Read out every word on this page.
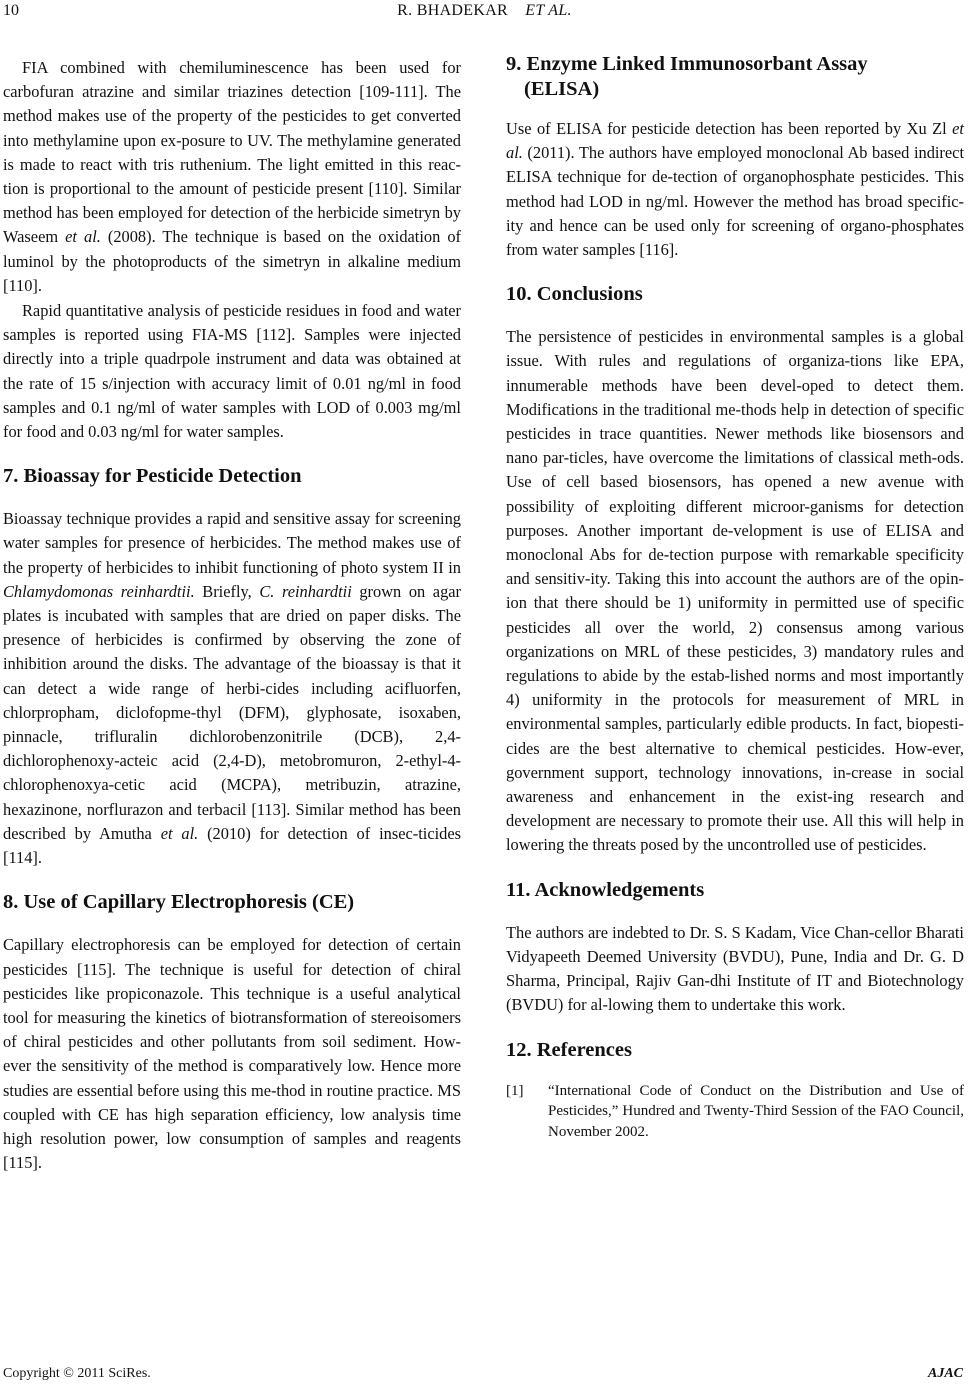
10	R. BHADEKAR ET AL.

FIA combined with chemiluminescence has been used for carbofuran atrazine and similar triazines detection [109-111]. The method makes use of the property of the pesticides to get converted into methylamine upon ex-posure to UV. The methylamine generated is made to react with tris ruthenium. The light emitted in this reac-tion is proportional to the amount of pesticide present [110]. Similar method has been employed for detection of the herbicide simetryn by Waseem et al. (2008). The technique is based on the oxidation of luminol by the photoproducts of the simetryn in alkaline medium [110].

Rapid quantitative analysis of pesticide residues in food and water samples is reported using FIA-MS [112]. Samples were injected directly into a triple quadrpole instrument and data was obtained at the rate of 15 s/injection with accuracy limit of 0.01 ng/ml in food samples and 0.1 ng/ml of water samples with LOD of 0.003 mg/ml for food and 0.03 ng/ml for water samples.

7. Bioassay for Pesticide Detection

Bioassay technique provides a rapid and sensitive assay for screening water samples for presence of herbicides. The method makes use of the property of herbicides to inhibit functioning of photo system II in Chlamydomonas reinhardtii. Briefly, C. reinhardtii grown on agar plates is incubated with samples that are dried on paper disks. The presence of herbicides is confirmed by observing the zone of inhibition around the disks. The advantage of the bioassay is that it can detect a wide range of herbi-cides including acifluorfen, chlorpropham, diclofopme-thyl (DFM), glyphosate, isoxaben, pinnacle, trifluralin dichlorobenzonitrile (DCB), 2,4-dichlorophenoxy-acteic acid (2,4-D), metobromuron, 2-ethyl-4-chlorophenoxya-cetic acid (MCPA), metribuzin, atrazine, hexazinone, norflurazon and terbacil [113]. Similar method has been described by Amutha et al. (2010) for detection of insec-ticides [114].

8. Use of Capillary Electrophoresis (CE)

Capillary electrophoresis can be employed for detection of certain pesticides [115]. The technique is useful for detection of chiral pesticides like propiconazole. This technique is a useful analytical tool for measuring the kinetics of biotransformation of stereoisomers of chiral pesticides and other pollutants from soil sediment. How-ever the sensitivity of the method is comparatively low. Hence more studies are essential before using this me-thod in routine practice. MS coupled with CE has high separation efficiency, low analysis time high resolution power, low consumption of samples and reagents [115].

9. Enzyme Linked Immunosorbant Assay
(ELISA)

Use of ELISA for pesticide detection has been reported by Xu Zl et al. (2011). The authors have employed monoclonal Ab based indirect ELISA technique for de-tection of organophosphate pesticides. This method had LOD in ng/ml. However the method has broad specific-ity and hence can be used only for screening of organo-phosphates from water samples [116].

10. Conclusions

The persistence of pesticides in environmental samples is a global issue. With rules and regulations of organiza-tions like EPA, innumerable methods have been devel-oped to detect them. Modifications in the traditional me-thods help in detection of specific pesticides in trace quantities. Newer methods like biosensors and nano par-ticles, have overcome the limitations of classical meth-ods. Use of cell based biosensors, has opened a new avenue with possibility of exploiting different microor-ganisms for detection purposes. Another important de-velopment is use of ELISA and monoclonal Abs for de-tection purpose with remarkable specificity and sensitiv-ity. Taking this into account the authors are of the opin-ion that there should be 1) uniformity in permitted use of specific pesticides all over the world, 2) consensus among various organizations on MRL of these pesticides, 3) mandatory rules and regulations to abide by the estab-lished norms and most importantly 4) uniformity in the protocols for measurement of MRL in environmental samples, particularly edible products. In fact, biopesti-cides are the best alternative to chemical pesticides. How-ever, government support, technology innovations, in-crease in social awareness and enhancement in the exist-ing research and development are necessary to promote their use. All this will help in lowering the threats posed by the uncontrolled use of pesticides.

11. Acknowledgements

The authors are indebted to Dr. S. S Kadam, Vice Chan-cellor Bharati Vidyapeeth Deemed University (BVDU), Pune, India and Dr. G. D Sharma, Principal, Rajiv Gan-dhi Institute of IT and Biotechnology (BVDU) for al-lowing them to undertake this work.

12. References
[1]	“International Code of Conduct on the Distribution and Use of Pesticides,” Hundred and Twenty-Third Session of the FAO Council, November 2002.
Copyright © 2011 SciRes.	AJAC
